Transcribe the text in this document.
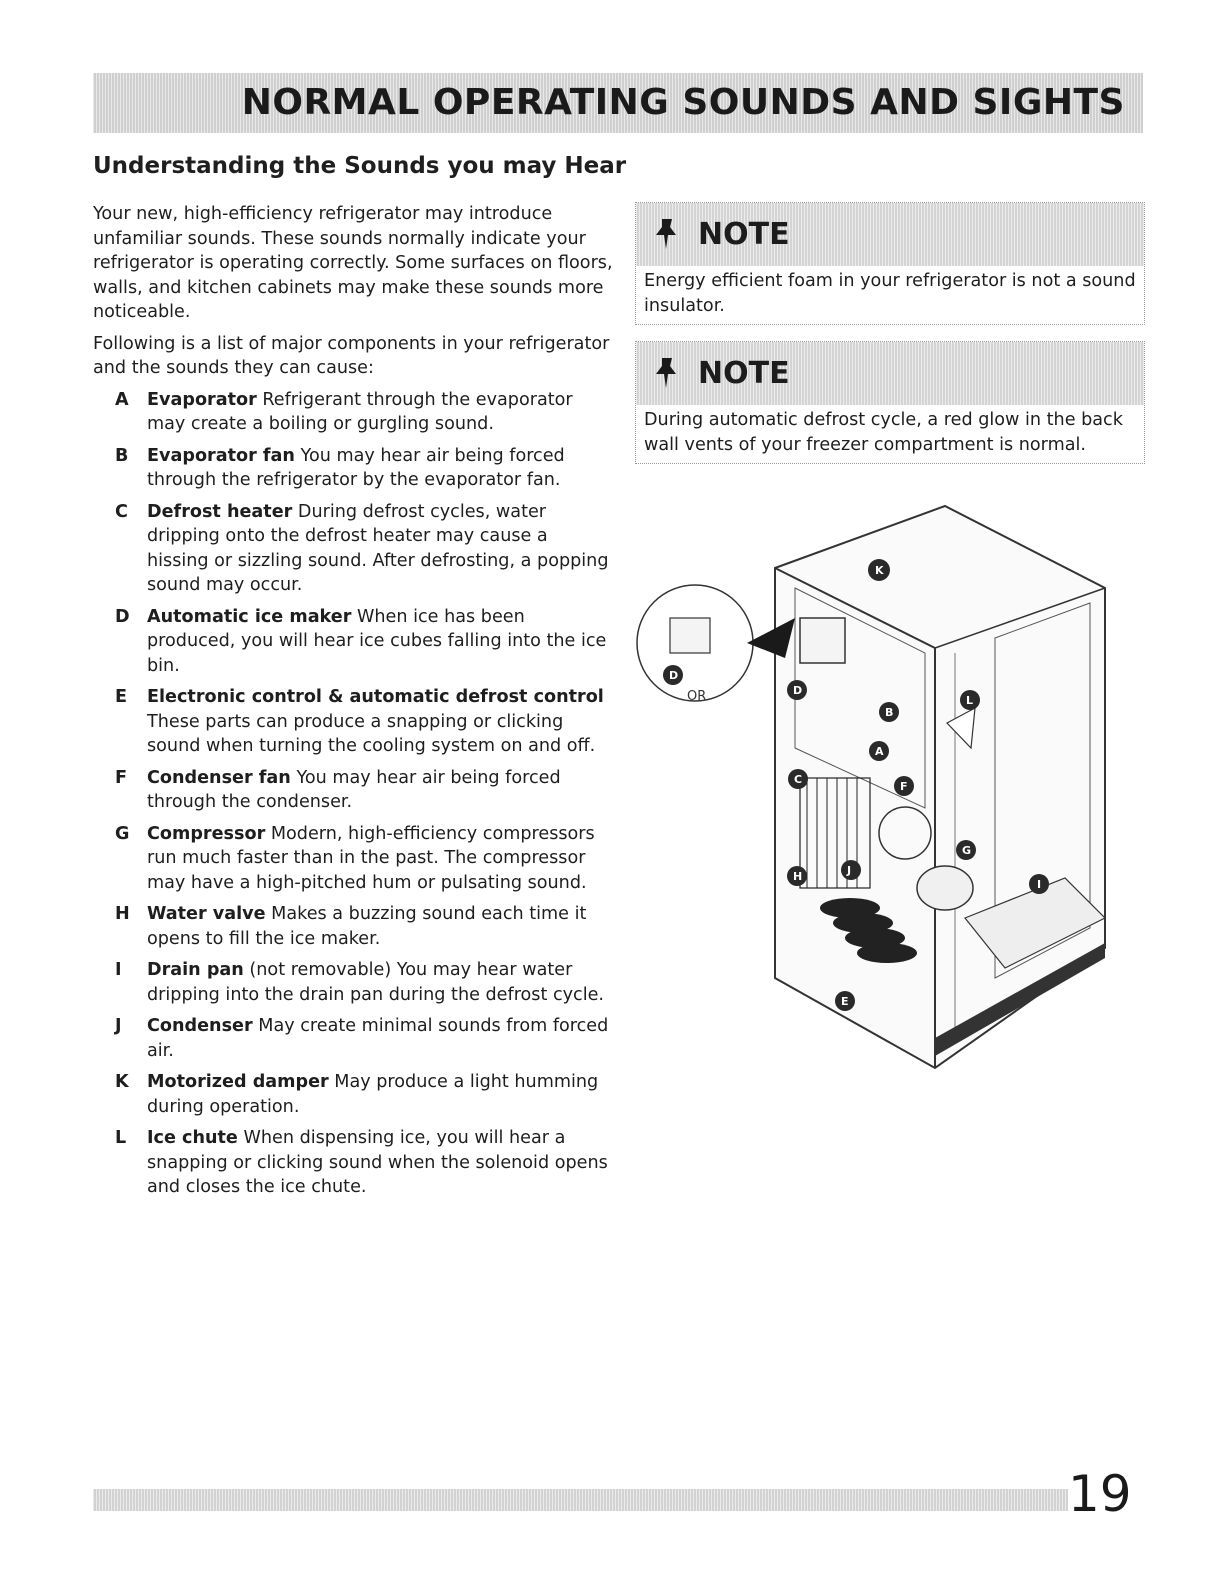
NORMAL OPERATING SOUNDS AND SIGHTS
Understanding the Sounds you may Hear

Your new, high-efficiency refrigerator may introduce unfamiliar sounds. These sounds normally indicate your refrigerator is operating correctly. Some surfaces on floors, walls, and kitchen cabinets may make these sounds more noticeable.

Following is a list of major components in your refrigerator and the sounds they can cause:

A	Evaporator Refrigerant through the evaporator may create a boiling or gurgling sound.
B	Evaporator fan You may hear air being forced through the refrigerator by the evaporator fan.
C	Defrost heater During defrost cycles, water dripping onto the defrost heater may cause a hissing or sizzling sound. After defrosting, a popping sound may occur.
D Automatic ice maker When ice has been produced, you will hear ice cubes falling into the ice bin.
E	Electronic control & automatic defrost control These parts can produce a snapping or clicking sound when turning the cooling system on and off.
F	Condenser fan You may hear air being forced through the condenser.
G Compressor Modern, high-efficiency compressors run much faster than in the past. The compressor may have a high-pitched hum or pulsating sound.
H Water valve Makes a buzzing sound each time it opens to fill the ice maker.
I	Drain pan (not removable) You may hear water dripping into the drain pan during the defrost cycle.
J	Condenser May create minimal sounds from forced air.
K	Motorized damper May produce a light humming during operation.
L	Ice chute When dispensing ice, you will hear a snapping or clicking sound when the solenoid opens and closes the ice chute.
NOTE
Energy efficient foam in your refrigerator is not a sound insulator.
NOTE
During automatic defrost cycle, a red glow in the back wall vents of your freezer compartment is normal.
OR
K
D
D
B
A
L
C
F
G
H	J
I
E
19
